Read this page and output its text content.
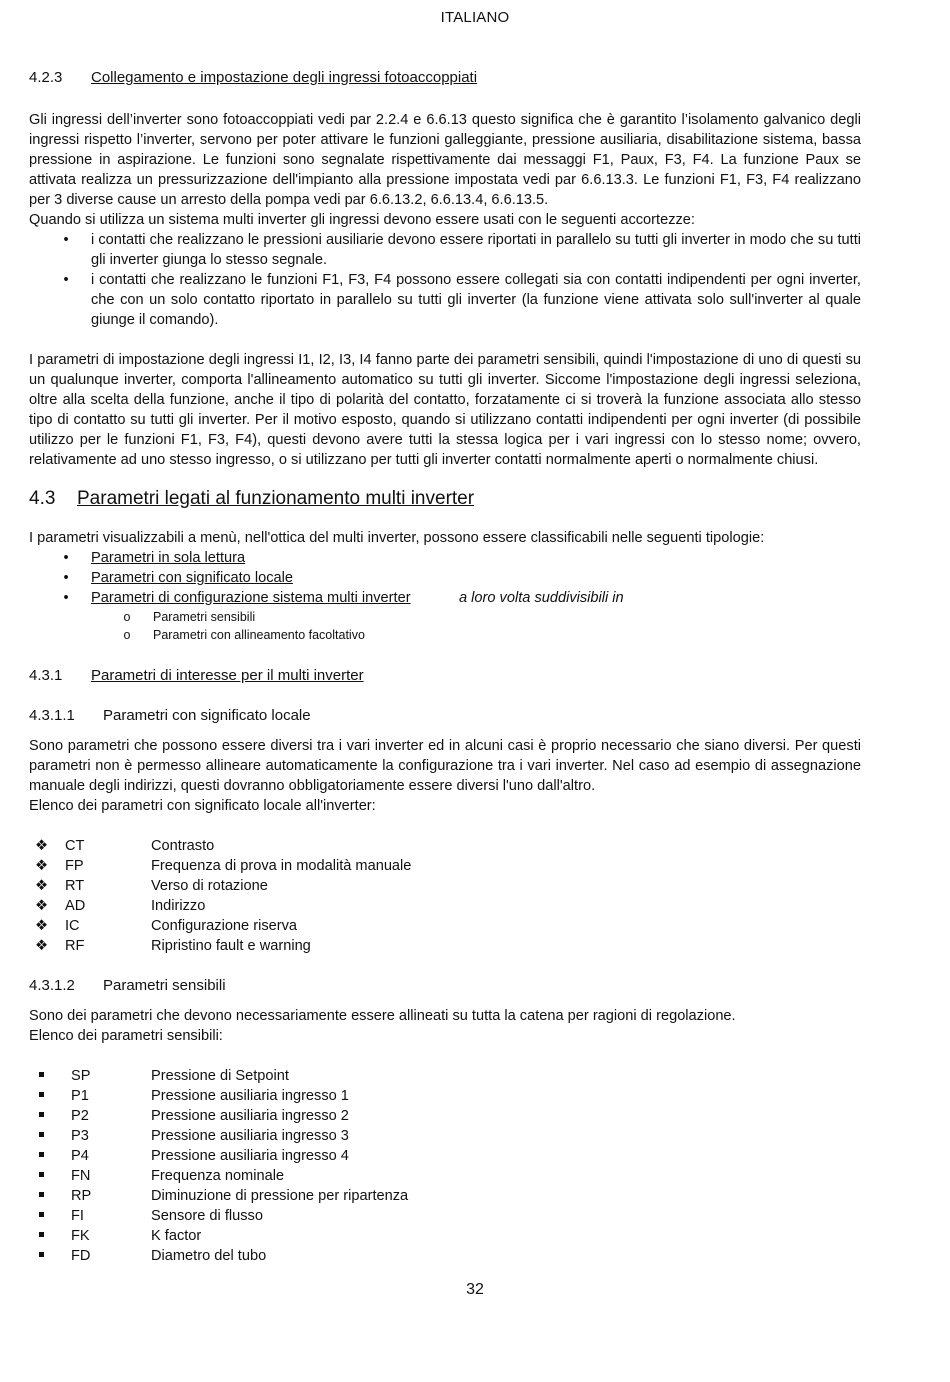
ITALIANO
4.2.3	Collegamento e impostazione degli ingressi fotoaccoppiati

Gli ingressi dell’inverter sono fotoaccoppiati vedi par 2.2.4 e 6.6.13 questo significa che è garantito l’isolamento galvanico degli ingressi rispetto l’inverter, servono per poter attivare le funzioni galleggiante, pressione ausiliaria, disabilitazione sistema, bassa pressione in aspirazione. Le funzioni sono segnalate rispettivamente dai messaggi F1, Paux, F3, F4. La funzione Paux se attivata realizza un pressurizzazione dell'impianto alla pressione impostata vedi par 6.6.13.3. Le funzioni F1, F3, F4 realizzano per 3 diverse cause un arresto della pompa vedi par 6.6.13.2, 6.6.13.4, 6.6.13.5.

Quando si utilizza un sistema multi inverter gli ingressi devono essere usati con le seguenti accortezze:

•	i contatti che realizzano le pressioni ausiliarie devono essere riportati in parallelo su tutti gli inverter in modo che su tutti gli inverter giunga lo stesso segnale.
•	i contatti che realizzano le funzioni F1, F3, F4 possono essere collegati sia con contatti indipendenti per ogni inverter, che con un solo contatto riportato in parallelo su tutti gli inverter (la funzione viene attivata solo sull'inverter al quale giunge il comando).

I parametri di impostazione degli ingressi I1, I2, I3, I4 fanno parte dei parametri sensibili, quindi l'impostazione di uno di questi su un qualunque inverter, comporta l'allineamento automatico su tutti gli inverter. Siccome l'impostazione degli ingressi seleziona, oltre alla scelta della funzione, anche il tipo di polarità del contatto, forzatamente ci si troverà la funzione associata allo stesso tipo di contatto su tutti gli inverter. Per il motivo esposto, quando si utilizzano contatti indipendenti per ogni inverter (di possibile utilizzo per le funzioni F1, F3, F4), questi devono avere tutti la stessa logica per i vari ingressi con lo stesso nome; ovvero, relativamente ad uno stesso ingresso, o si utilizzano per tutti gli inverter contatti normalmente aperti o normalmente chiusi.

4.3	Parametri legati al funzionamento multi inverter

I parametri visualizzabili a menù, nell'ottica del multi inverter, possono essere classificabili nelle seguenti tipologie:

•	Parametri in sola lettura
•	Parametri con significato locale
•	Parametri di configurazione sistema multi inverter	a loro volta suddivisibili in
o Parametri sensibili
o Parametri con allineamento facoltativo
4.3.1	Parametri di interesse per il multi inverter
4.3.1.1	Parametri con significato locale

Sono parametri che possono essere diversi tra i vari inverter ed in alcuni casi è proprio necessario che siano diversi. Per questi parametri non è permesso allineare automaticamente la configurazione tra i vari inverter. Nel caso ad esempio di assegnazione manuale degli indirizzi, questi dovranno obbligatoriamente essere diversi l'uno dall'altro.

Elenco dei parametri con significato locale all'inverter:

❖	CT	Contrasto
❖	FP	Frequenza di prova in modalità manuale
❖	RT	Verso di rotazione
❖	AD	Indirizzo
❖	IC	Configurazione riserva
❖	RF	Ripristino fault e warning
4.3.1.2	Parametri sensibili

Sono dei parametri che devono necessariamente essere allineati su tutta la catena per ragioni di regolazione.

Elenco dei parametri sensibili:

SP	Pressione di Setpoint
P1	Pressione ausiliaria ingresso 1
P2	Pressione ausiliaria ingresso 2
P3	Pressione ausiliaria ingresso 3
P4	Pressione ausiliaria ingresso 4
FN	Frequenza nominale
RP	Diminuzione di pressione per ripartenza
FI	Sensore di flusso
FK	K factor
FD	Diametro del tubo
32
